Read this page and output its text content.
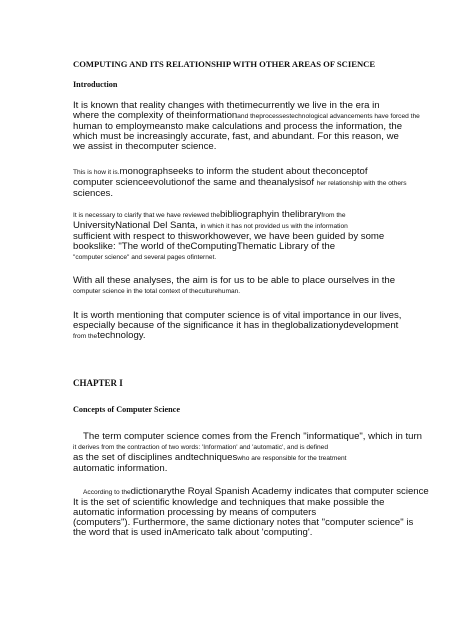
COMPUTING AND ITS RELATIONSHIP WITH OTHER AREAS OF SCIENCE
Introduction
It is known that reality changes with thetimecurrently we live in the era in
where the complexity of theinformationand theprocessestechnological advancements have forced the
human to employmeansto make calculations and process the information, the
which must be increasingly accurate, fast, and abundant. For this reason, we
we assist in thecomputer science.
This is how it is.monographseeks to inform the student about theconceptof
computer scienceevolutionof the same and theanalysisof her relationship with the others
sciences.
It is necessary to clarify that we have reviewed thebibliographyin thelibraryfrom the
UniversityNational Del Santa, in which it has not provided us with the information
sufficient with respect to thisworkhowever, we have been guided by some
bookslike: "The world of theComputingThematic Library of the
"computer science" and several pages ofinternet.
With all these analyses, the aim is for us to be able to place ourselves in the
computer science in the total context of theculturehuman.
It is worth mentioning that computer science is of vital importance in our lives,
especially because of the significance it has in theglobalizationydevelopment
from thetechnology.
CHAPTER I
Concepts of Computer Science
The term computer science comes from the French "informatique", which in turn
it derives from the contraction of two words: 'Information' and 'automatic', and is defined
as the set of disciplines andtechniqueswho are responsible for the treatment
automatic information.
According to thedictionarythe Royal Spanish Academy indicates that computer science
It is the set of scientific knowledge and techniques that make possible the
automatic information processing by means of computers
(computers"). Furthermore, the same dictionary notes that "computer science" is
the word that is used inAmericato talk about 'computing'.
